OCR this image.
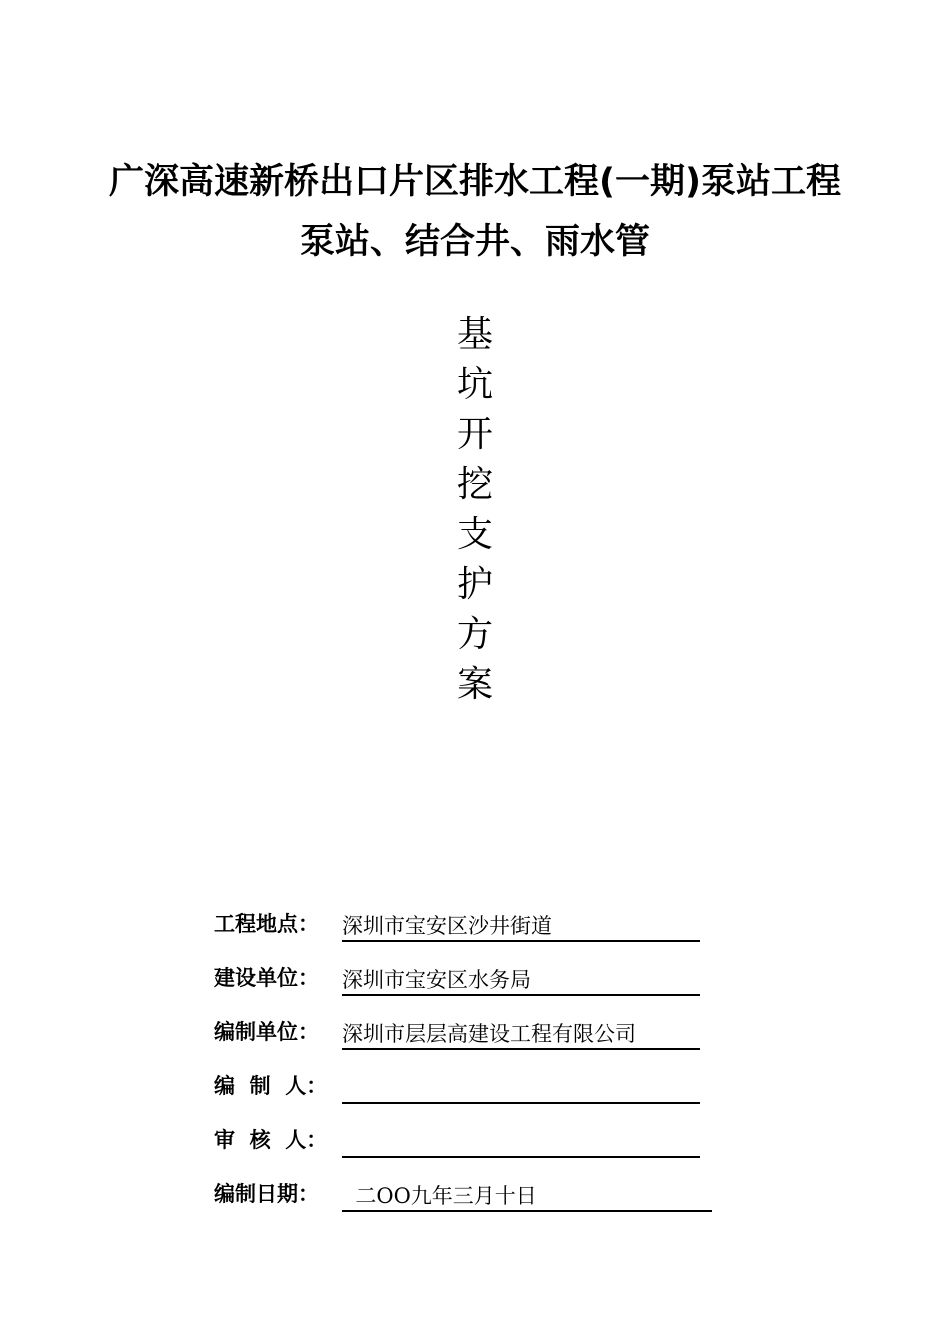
广深高速新桥出口片区排水工程(一期)泵站工程
泵站、结合井、雨水管
基
坑
开
挖
支
护
方
案
工程地点： 深圳市宝安区沙井街道
建设单位： 深圳市宝安区水务局
编制单位： 深圳市层层高建设工程有限公司
编  制  人：
审  核  人：
编制日期： 二OO九年三月十日
